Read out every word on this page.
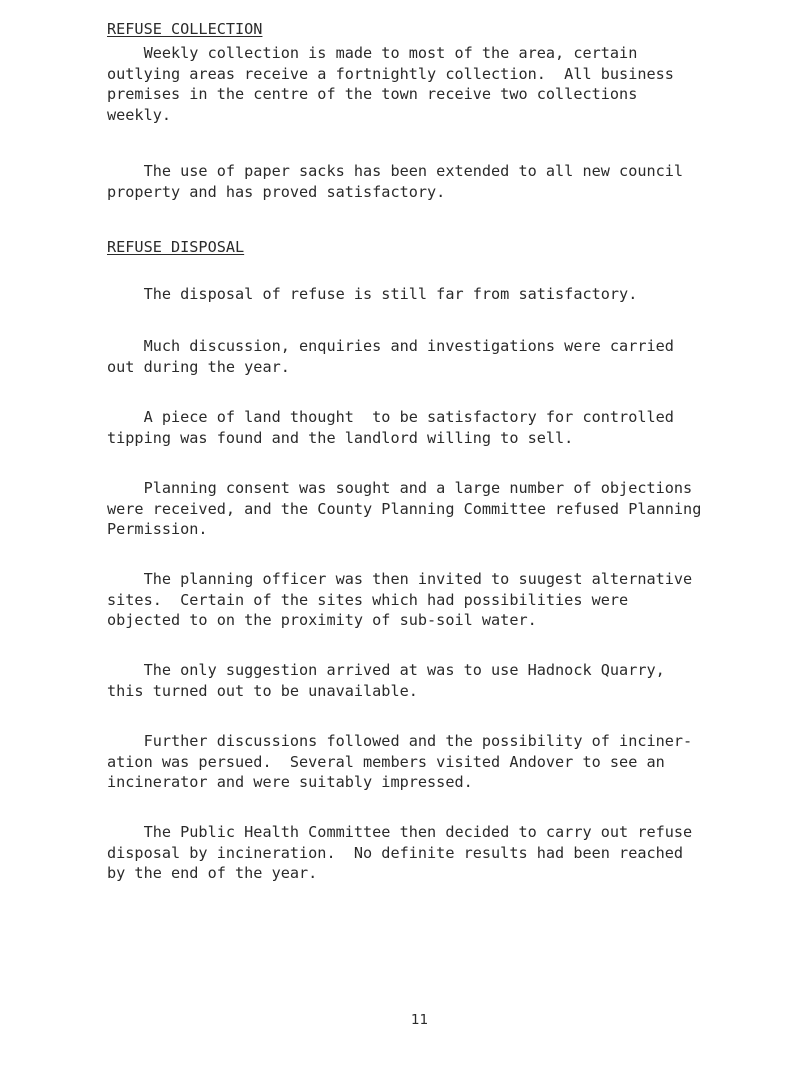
REFUSE COLLECTION

Weekly collection is made to most of the area, certain
outlying areas receive a fortnightly collection.  All business
premises in the centre of the town receive two collections
weekly.

The use of paper sacks has been extended to all new council
property and has proved satisfactory.

REFUSE DISPOSAL

The disposal of refuse is still far from satisfactory.

Much discussion, enquiries and investigations were carried
out during the year.

A piece of land thought  to be satisfactory for controlled
tipping was found and the landlord willing to sell.

Planning consent was sought and a large number of objections
were received, and the County Planning Committee refused Planning
Permission.

The planning officer was then invited to suugest alternative
sites.  Certain of the sites which had possibilities were
objected to on the proximity of sub-soil water.

The only suggestion arrived at was to use Hadnock Quarry,
this turned out to be unavailable.

Further discussions followed and the possibility of inciner-
ation was persued.  Several members visited Andover to see an
incinerator and were suitably impressed.

The Public Health Committee then decided to carry out refuse
disposal by incineration.  No definite results had been reached
by the end of the year.

11
